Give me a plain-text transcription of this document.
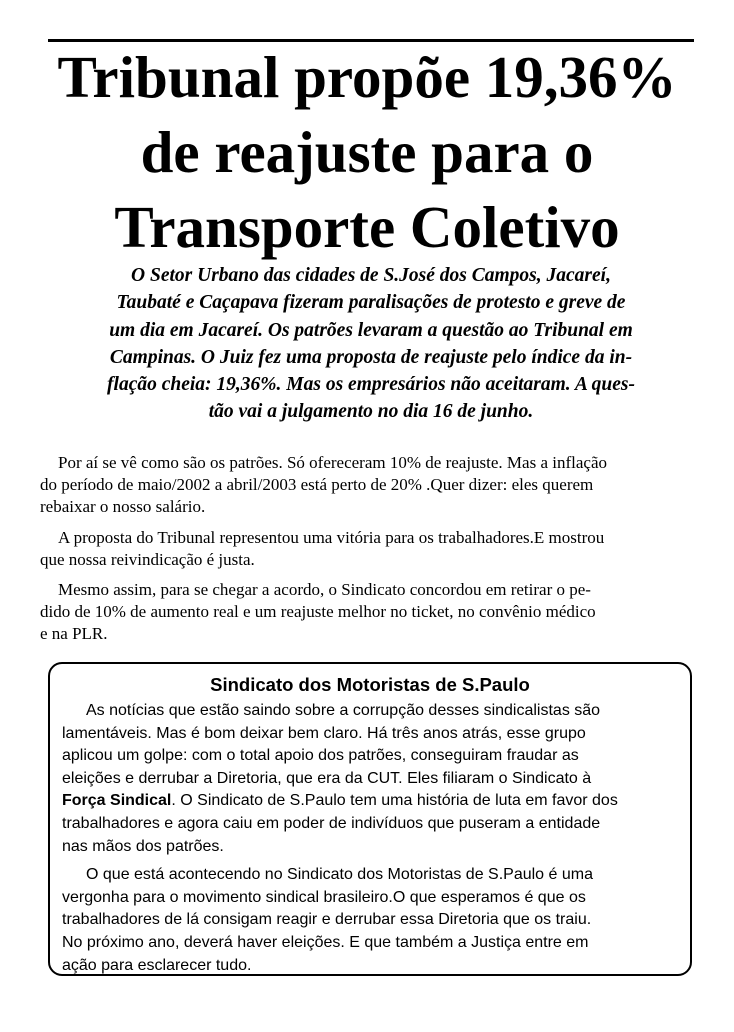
Tribunal propõe 19,36%
de reajuste para o
Transporte Coletivo

O Setor Urbano das cidades de S.José dos Campos, Jacareí,
Taubaté e Caçapava fizeram paralisações de protesto e greve de
um dia em Jacareí. Os patrões levaram a questão ao Tribunal em
Campinas. O Juiz fez uma proposta de reajuste pelo índice da in-
flação cheia: 19,36%. Mas os empresários não aceitaram. A ques-
tão vai a julgamento no dia 16 de junho.

Por aí se vê como são os patrões. Só ofereceram 10% de reajuste. Mas a inflação
do período de maio/2002 a abril/2003 está perto de 20% .Quer dizer: eles querem
rebaixar o nosso salário.

A proposta do Tribunal representou uma vitória para os trabalhadores.E mostrou
que nossa reivindicação é justa.

Mesmo assim, para se chegar a acordo, o Sindicato concordou em retirar o pe-
dido de 10% de aumento real e um reajuste melhor no ticket, no convênio médico
e na PLR.

Sindicato dos Motoristas de S.Paulo

As notícias que estão saindo sobre a corrupção desses sindicalistas são
lamentáveis. Mas é bom deixar bem claro. Há três anos atrás, esse grupo
aplicou um golpe: com o total apoio dos patrões, conseguiram fraudar as
eleições e derrubar a Diretoria, que era da CUT. Eles filiaram o Sindicato à
Força Sindical. O Sindicato de S.Paulo tem uma história de luta em favor dos
trabalhadores e agora caiu em poder de indivíduos que puseram a entidade
nas mãos dos patrões.

O que está acontecendo no Sindicato dos Motoristas de S.Paulo é uma
vergonha para o movimento sindical brasileiro.O que esperamos é que os
trabalhadores de lá consigam reagir e derrubar essa Diretoria que os traiu.
No próximo ano, deverá haver eleições. E que também a Justiça entre em
ação para esclarecer tudo.
